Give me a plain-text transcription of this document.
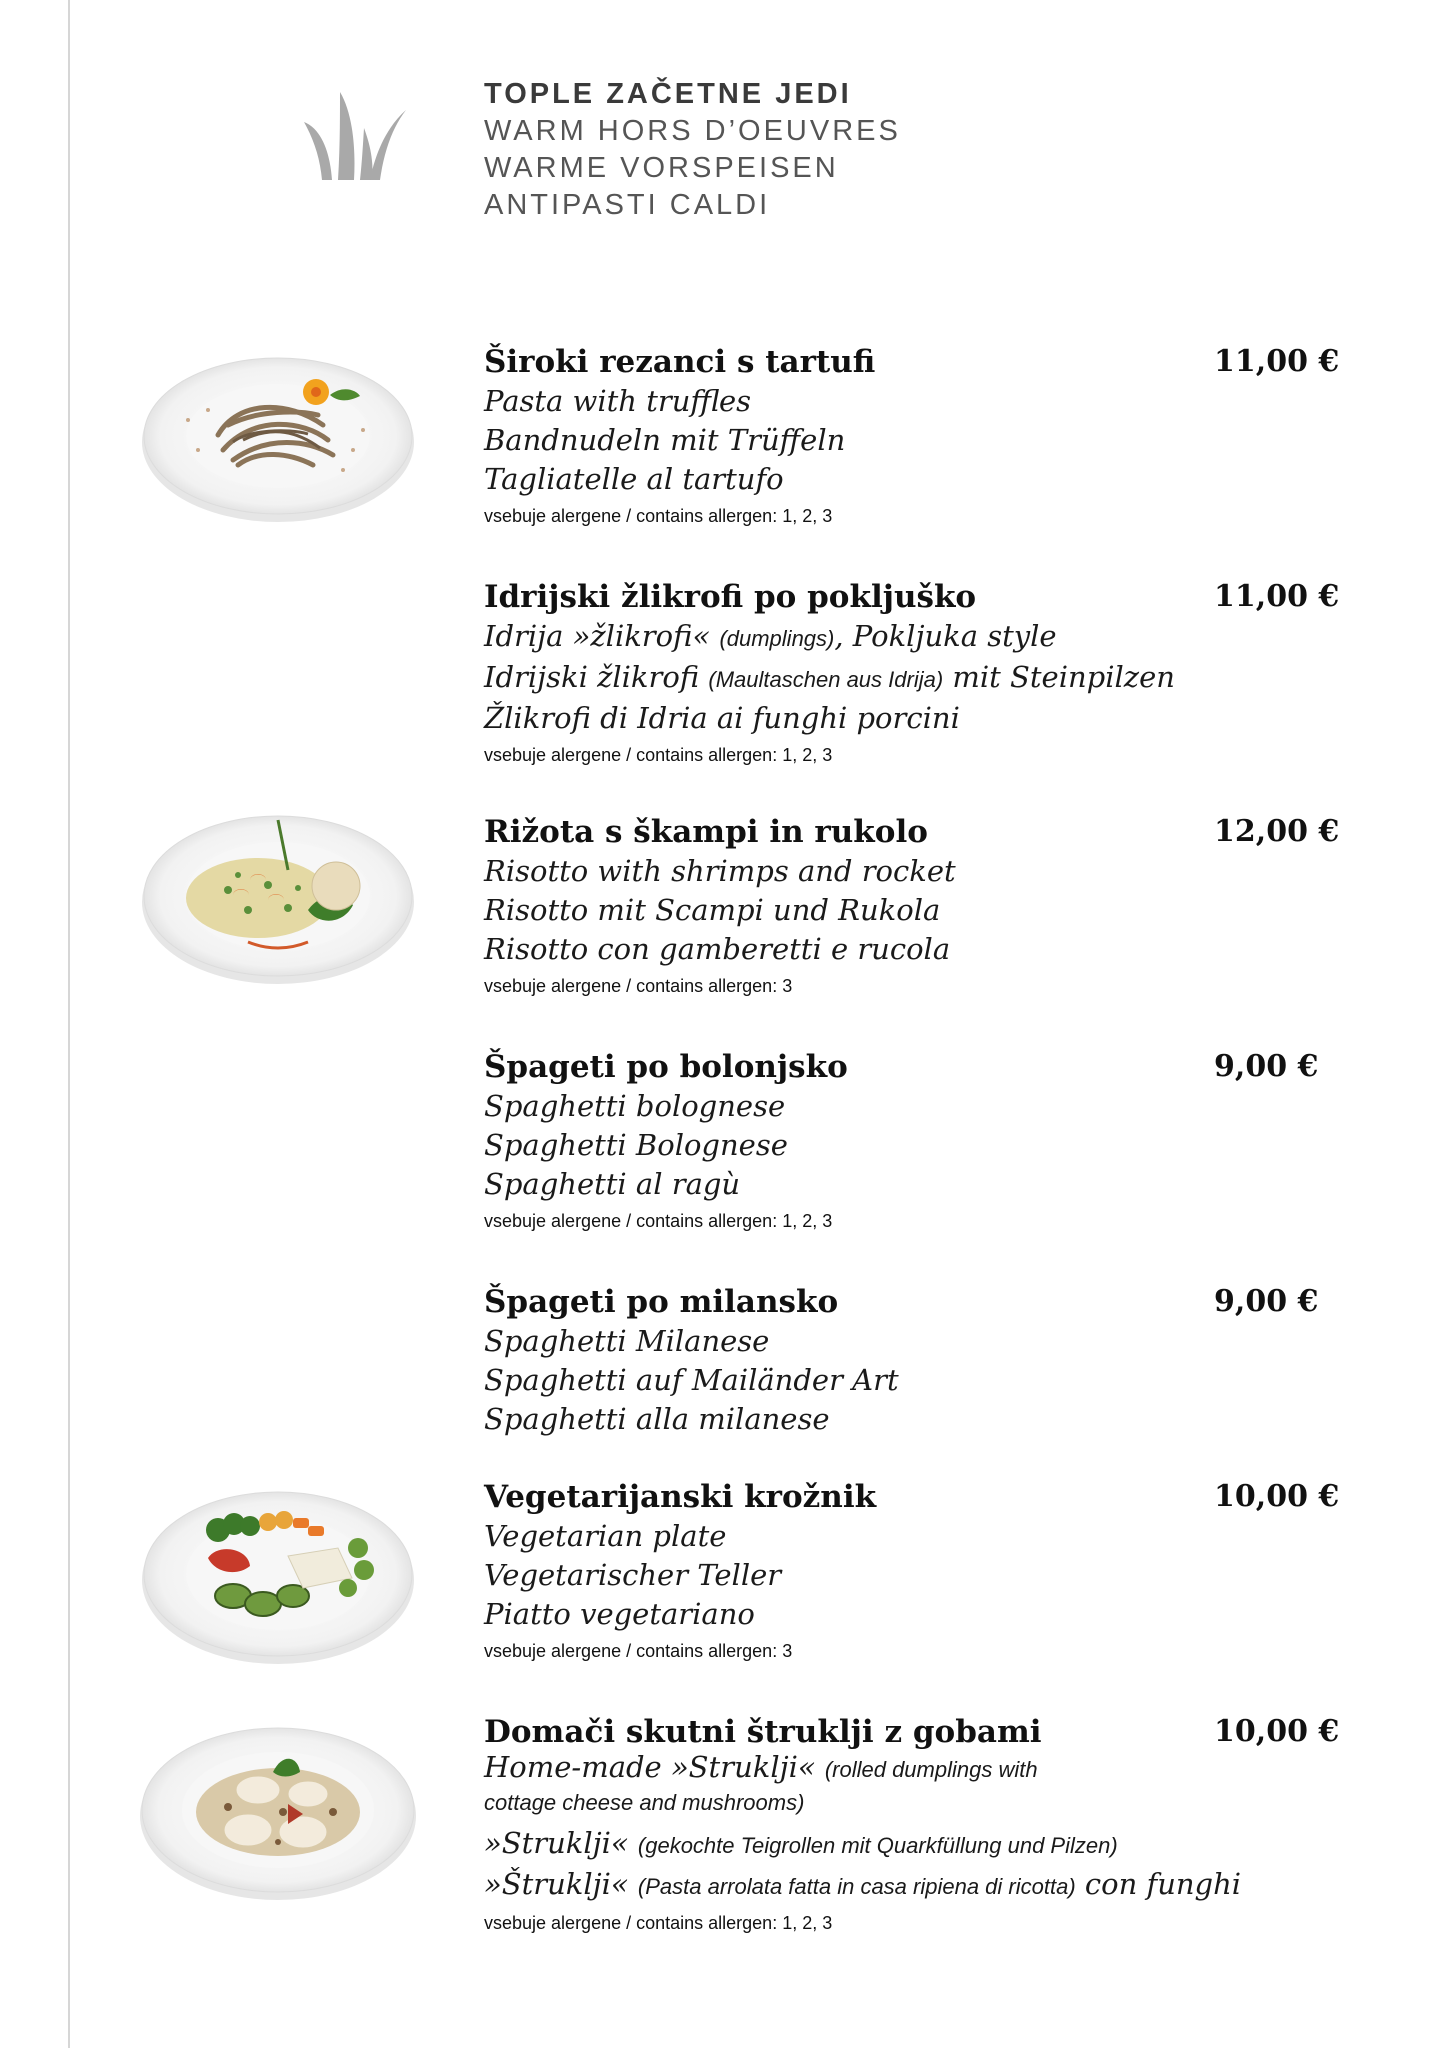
TOPLE ZAČETNE JEDI
WARM HORS D’OEUVRES
WARME VORSPEISEN
ANTIPASTI CALDI
Široki rezanci s tartufi	11,00 €
Pasta with truffles
Bandnudeln mit Trüffeln
Tagliatelle al tartufo
vsebuje alergene / contains allergen: 1, 2, 3
Idrijski žlikrofi po pokljuško	11,00 €
Idrija »žlikrofi« (dumplings), Pokljuka style
Idrijski žlikrofi (Maultaschen aus Idrija) mit Steinpilzen
Žlikrofi di Idria ai funghi porcini
vsebuje alergene / contains allergen: 1, 2, 3
Rižota s škampi in rukolo	12,00 €
Risotto with shrimps and rocket
Risotto mit Scampi und Rukola
Risotto con gamberetti e rucola
vsebuje alergene / contains allergen: 3
Špageti po bolonjsko	9,00 €
Spaghetti bolognese
Spaghetti Bolognese
Spaghetti al ragù
vsebuje alergene / contains allergen: 1, 2, 3
Špageti po milansko	9,00 €
Spaghetti Milanese
Spaghetti auf Mailänder Art
Spaghetti alla milanese
Vegetarijanski krožnik	10,00 €
Vegetarian plate
Vegetarischer Teller
Piatto vegetariano
vsebuje alergene / contains allergen: 3
Domači skutni štruklji z gobami	10,00 €
Home-made »Struklji« (rolled dumplings with cottage cheese and mushrooms)
»Struklji« (gekochte Teigrollen mit Quarkfüllung und Pilzen)
»Štruklji« (Pasta arrolata fatta in casa ripiena di ricotta) con funghi
vsebuje alergene / contains allergen: 1, 2, 3
